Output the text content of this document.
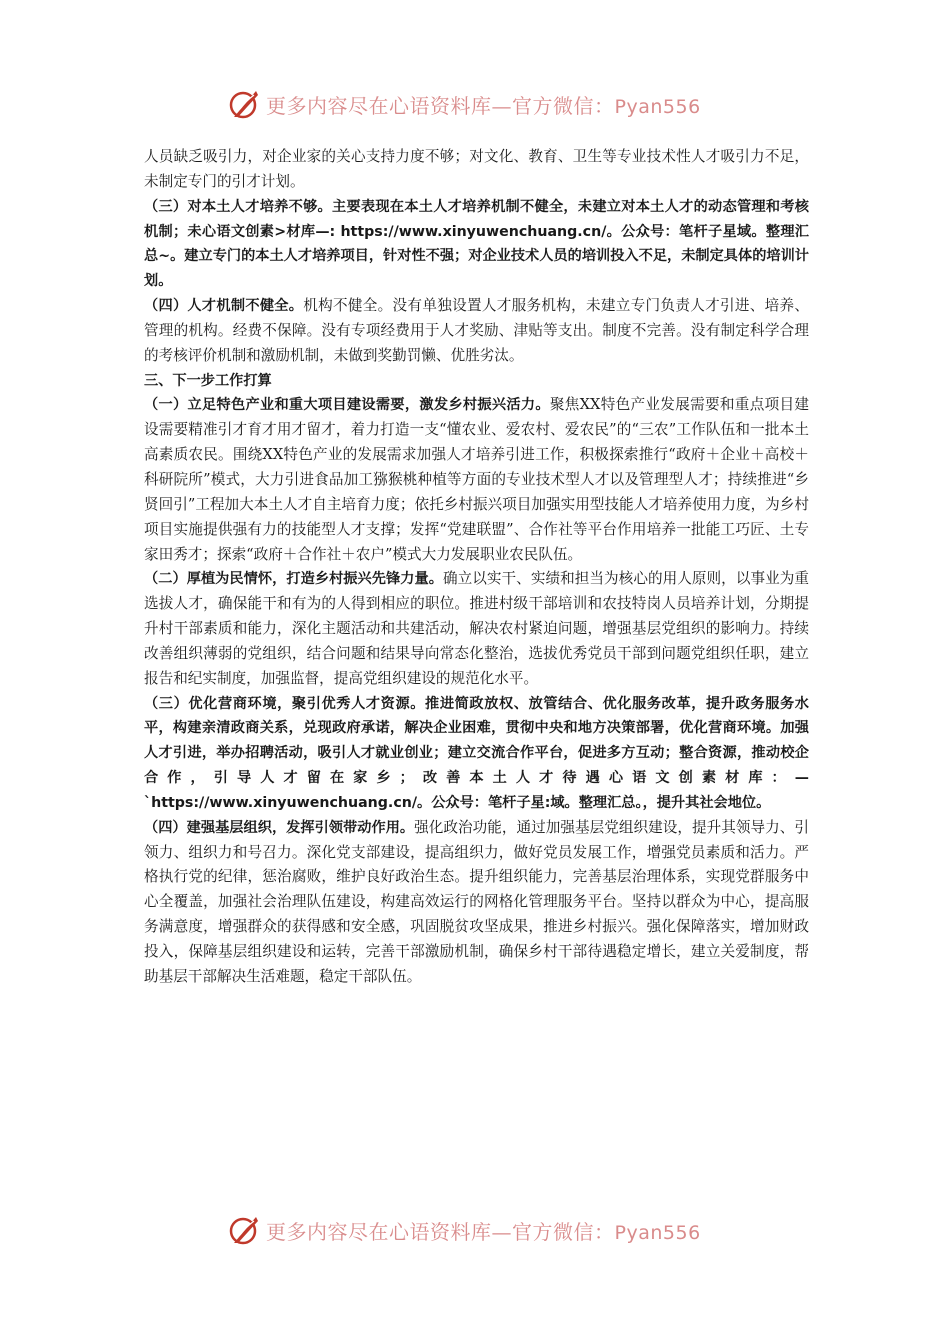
更多内容尽在心语资料库—官方微信：Pyan556

人员缺乏吸引力，对企业家的关心支持力度不够；对文化、教育、卫生等专业技术性人才吸引力不足，未制定专门的引才计划。

（三）对本土人才培养不够。主要表现在本土人才培养机制不健全，未建立对本土人才的动态管理和考核机制；未心语文创素>材库—: https://www.xinyuwenchuang.cn/。公众号：笔杆子星域。整理汇总~。建立专门的本土人才培养项目，针对性不强；对企业技术人员的培训投入不足，未制定具体的培训计划。

（四）人才机制不健全。机构不健全。没有单独设置人才服务机构，未建立专门负责人才引进、培养、管理的机构。经费不保障。没有专项经费用于人才奖励、津贴等支出。制度不完善。没有制定科学合理的考核评价机制和激励机制，未做到奖勤罚懒、优胜劣汰。

三、下一步工作打算

（一）立足特色产业和重大项目建设需要，激发乡村振兴活力。聚焦XX特色产业发展需要和重点项目建设需要精准引才育才用才留才，着力打造一支“懂农业、爱农村、爱农民”的“三农”工作队伍和一批本土高素质农民。围绕XX特色产业的发展需求加强人才培养引进工作，积极探索推行“政府＋企业＋高校＋科研院所”模式，大力引进食品加工猕猴桃种植等方面的专业技术型人才以及管理型人才；持续推进“乡贤回引”工程加大本土人才自主培育力度；依托乡村振兴项目加强实用型技能人才培养使用力度，为乡村项目实施提供强有力的技能型人才支撑；发挥“党建联盟”、合作社等平台作用培养一批能工巧匠、土专家田秀才；探索“政府＋合作社＋农户”模式大力发展职业农民队伍。

（二）厚植为民情怀，打造乡村振兴先锋力量。确立以实干、实绩和担当为核心的用人原则，以事业为重选拔人才，确保能干和有为的人得到相应的职位。推进村级干部培训和农技特岗人员培养计划，分期提升村干部素质和能力，深化主题活动和共建活动，解决农村紧迫问题，增强基层党组织的影响力。持续改善组织薄弱的党组织，结合问题和结果导向常态化整治，选拔优秀党员干部到问题党组织任职，建立报告和纪实制度，加强监督，提高党组织建设的规范化水平。

（三）优化营商环境，聚引优秀人才资源。推进简政放权、放管结合、优化服务改革，提升政务服务水平，构建亲清政商关系，兑现政府承诺，解决企业困难，贯彻中央和地方决策部署，优化营商环境。加强人才引进，举办招聘活动，吸引人才就业创业；建立交流合作平台，促进多方互动；整合资源，推动校企合作，引导人才留在家乡；改善本土人才待遇心语文创素材库：—`https://www.xinyuwenchuang.cn/。公众号：笔杆子星:域。整理汇总。，提升其社会地位。

（四）建强基层组织，发挥引领带动作用。强化政治功能，通过加强基层党组织建设，提升其领导力、引领力、组织力和号召力。深化党支部建设，提高组织力，做好党员发展工作，增强党员素质和活力。严格执行党的纪律，惩治腐败，维护良好政治生态。提升组织能力，完善基层治理体系，实现党群服务中心全覆盖，加强社会治理队伍建设，构建高效运行的网格化管理服务平台。坚持以群众为中心，提高服务满意度，增强群众的获得感和安全感，巩固脱贫攻坚成果，推进乡村振兴。强化保障落实，增加财政投入，保障基层组织建设和运转，完善干部激励机制，确保乡村干部待遇稳定增长，建立关爱制度，帮助基层干部解决生活难题，稳定干部队伍。

更多内容尽在心语资料库—官方微信：Pyan556
